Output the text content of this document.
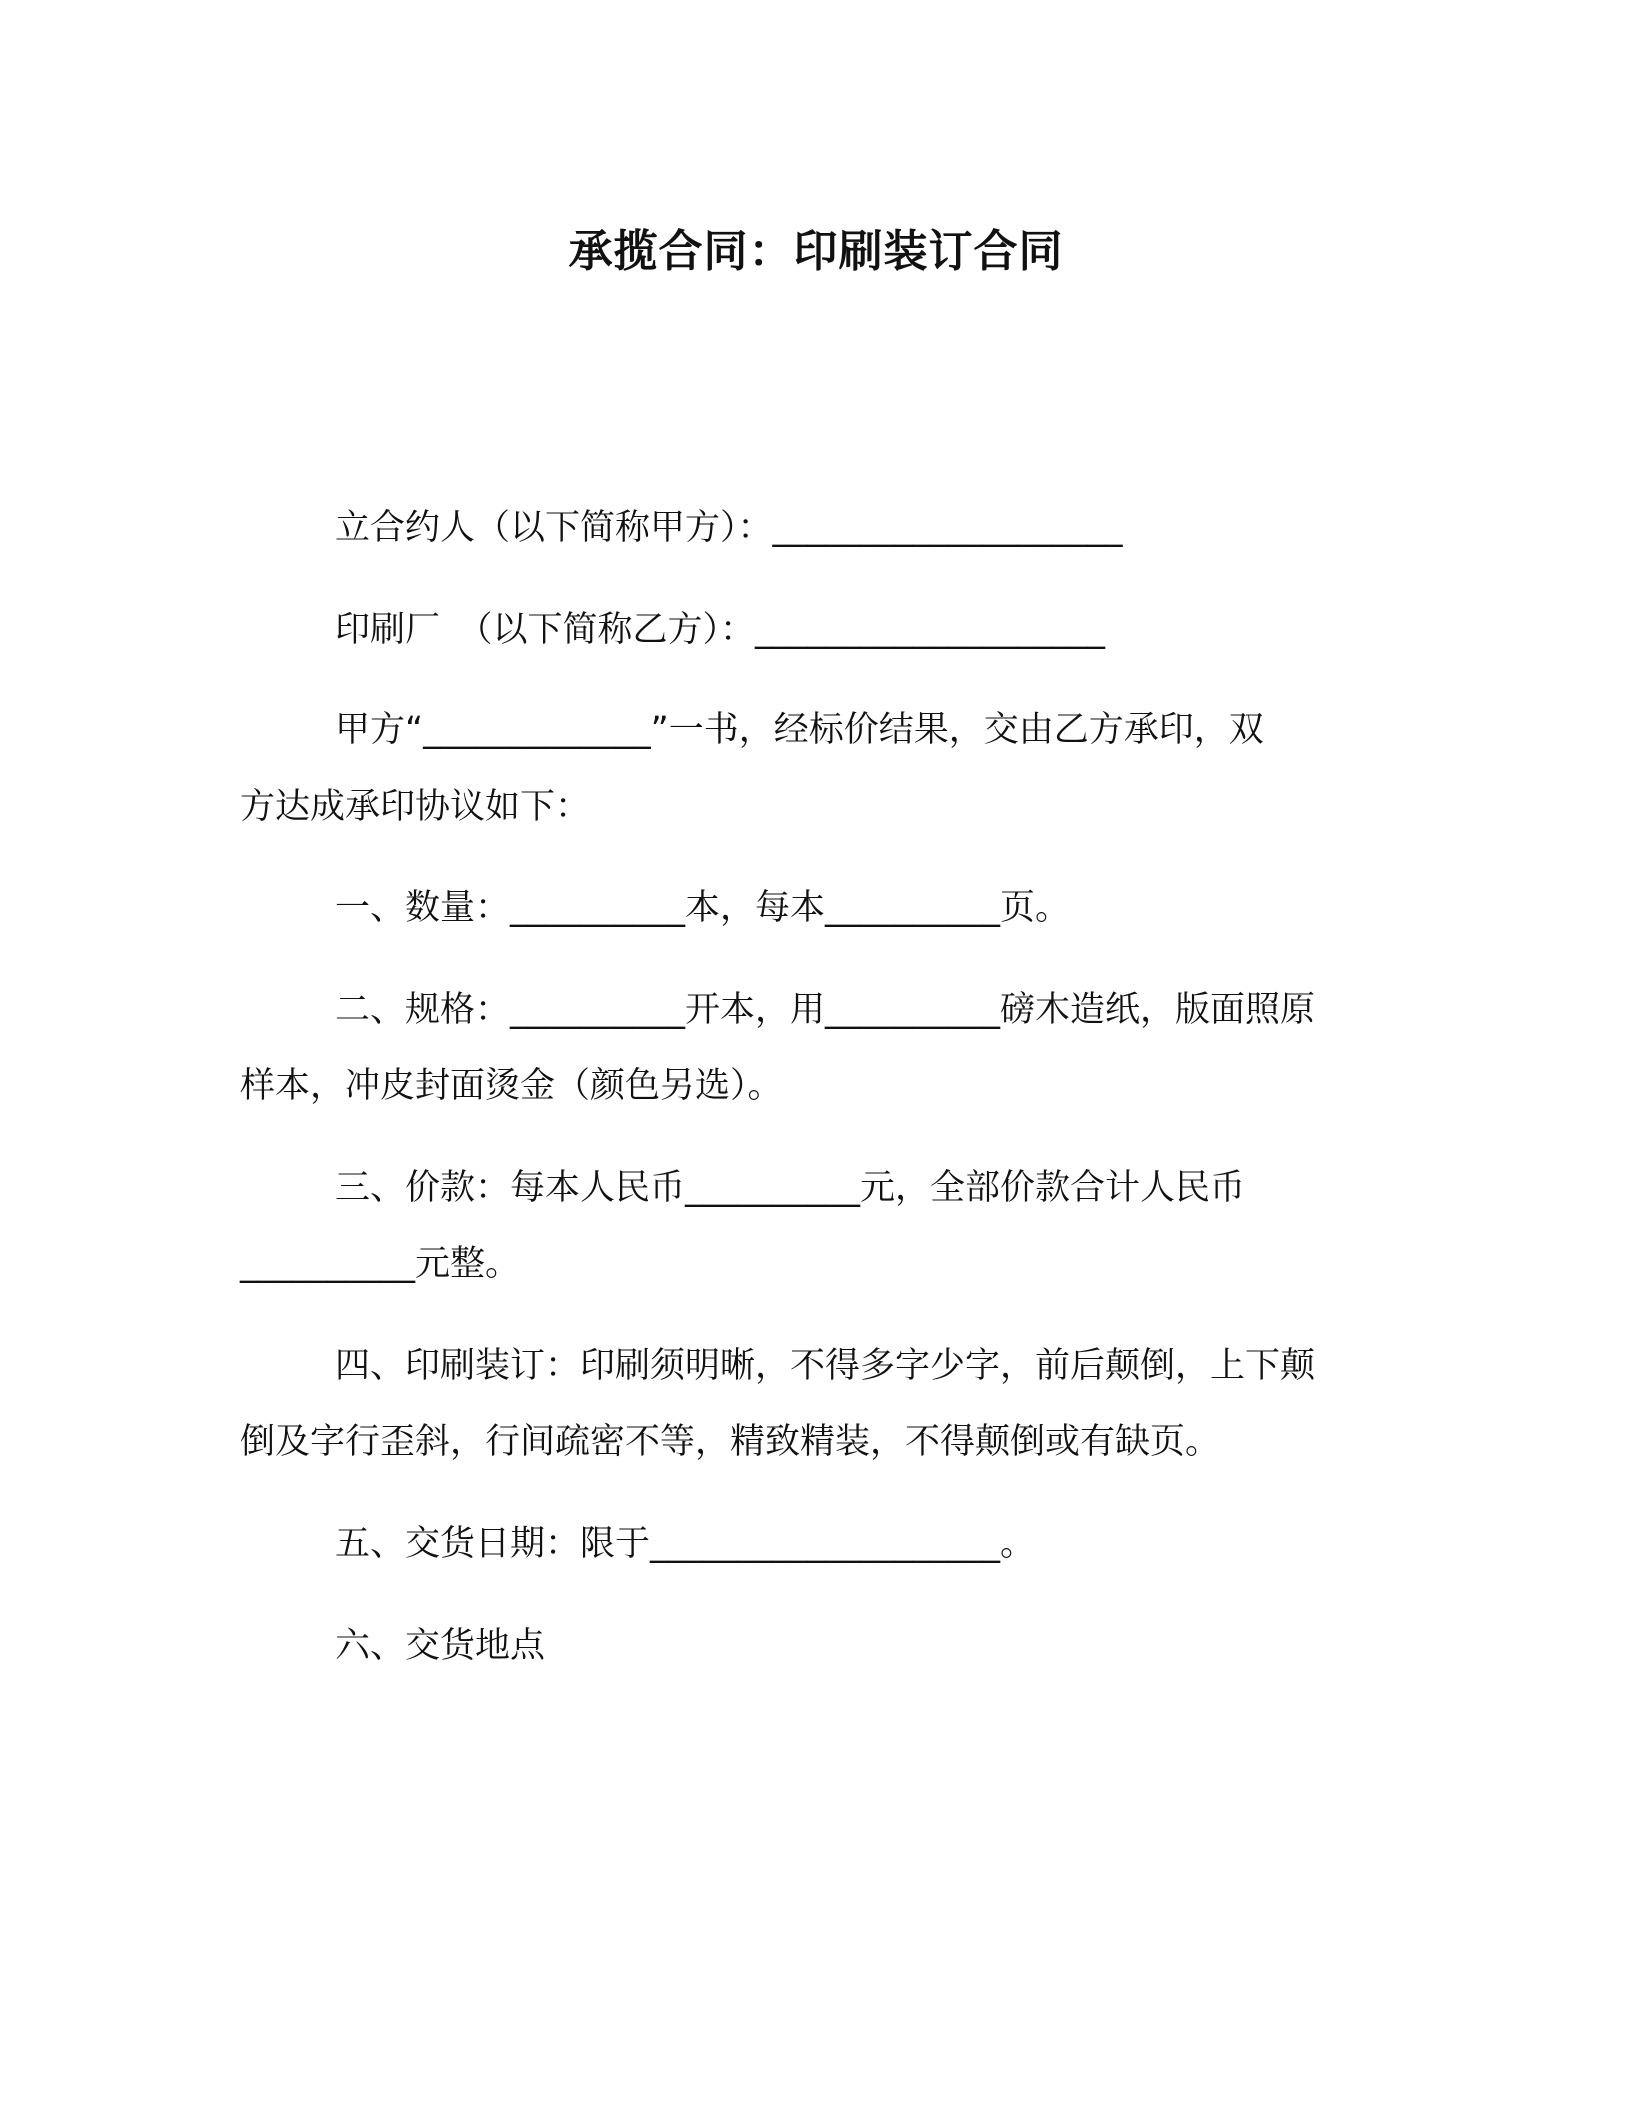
承揽合同：印刷装订合同
立合约人（以下简称甲方）：____________________
印刷厂　（以下简称乙方）：____________________
甲方“_____________”一书，经标价结果，交由乙方承印，双
方达成承印协议如下：
一、数量：__________本，每本__________页。
二、规格：__________开本，用__________磅木造纸，版面照原
样本，冲皮封面烫金（颜色另选）。
三、价款：每本人民币__________元，全部价款合计人民币
__________元整。
四、印刷装订：印刷须明晰，不得多字少字，前后颠倒，上下颠
倒及字行歪斜，行间疏密不等，精致精装，不得颠倒或有缺页。
五、交货日期：限于____________________。
六、交货地点
